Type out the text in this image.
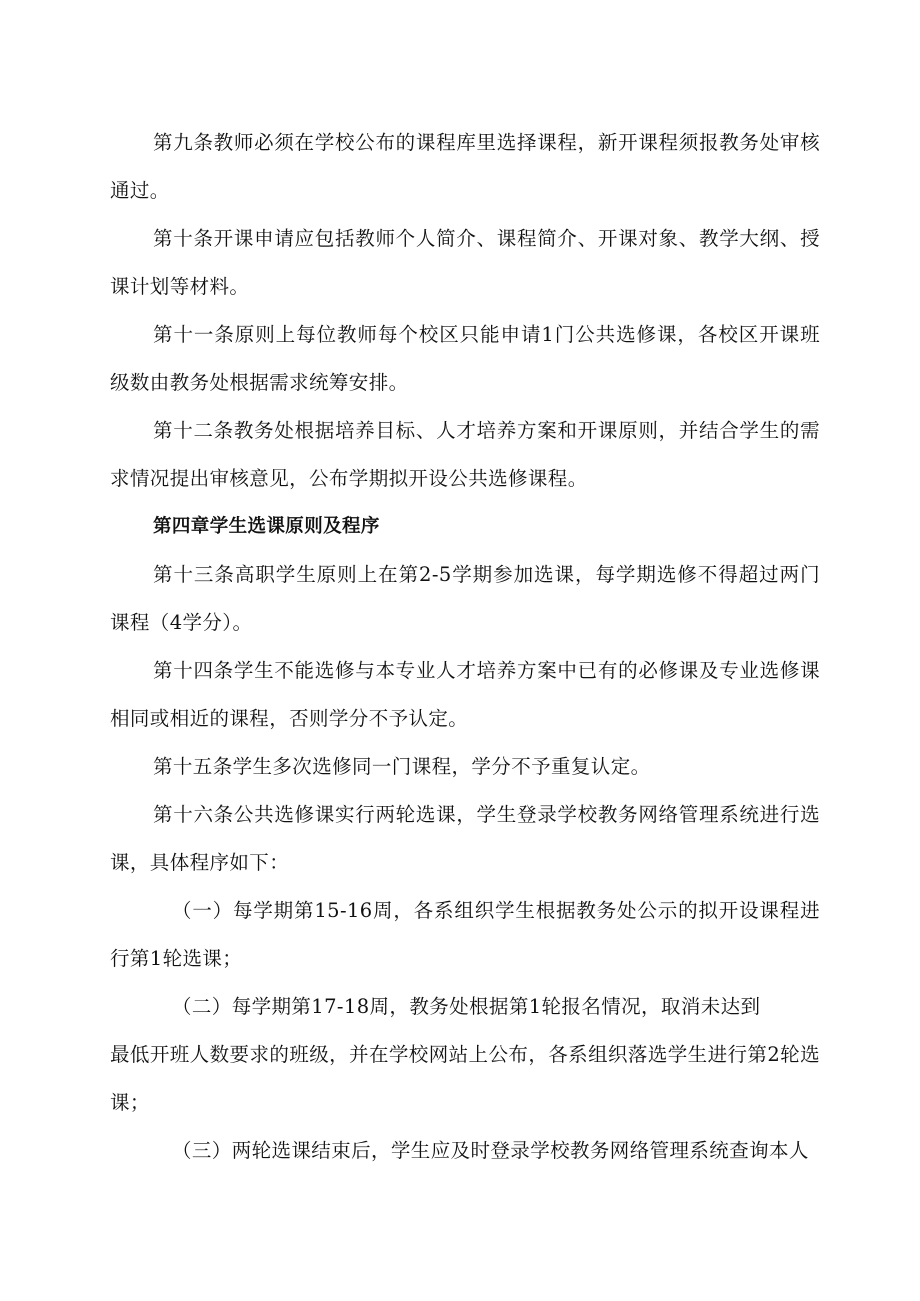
第九条教师必须在学校公布的课程库里选择课程，新开课程须报教务处审核通过。
第十条开课申请应包括教师个人简介、课程简介、开课对象、教学大纲、授课计划等材料。
第十一条原则上每位教师每个校区只能申请1门公共选修课，各校区开课班级数由教务处根据需求统筹安排。
第十二条教务处根据培养目标、人才培养方案和开课原则，并结合学生的需求情况提出审核意见，公布学期拟开设公共选修课程。
第四章学生选课原则及程序
第十三条高职学生原则上在第2-5学期参加选课，每学期选修不得超过两门课程（4学分）。
第十四条学生不能选修与本专业人才培养方案中已有的必修课及专业选修课相同或相近的课程，否则学分不予认定。
第十五条学生多次选修同一门课程，学分不予重复认定。
第十六条公共选修课实行两轮选课，学生登录学校教务网络管理系统进行选课，具体程序如下：
（一）每学期第15-16周，各系组织学生根据教务处公示的拟开设课程进行第1轮选课；
（二）每学期第17-18周，教务处根据第1轮报名情况，取消未达到
最低开班人数要求的班级，并在学校网站上公布，各系组织落选学生进行第2轮选课；
（三）两轮选课结束后，学生应及时登录学校教务网络管理系统查询本人
